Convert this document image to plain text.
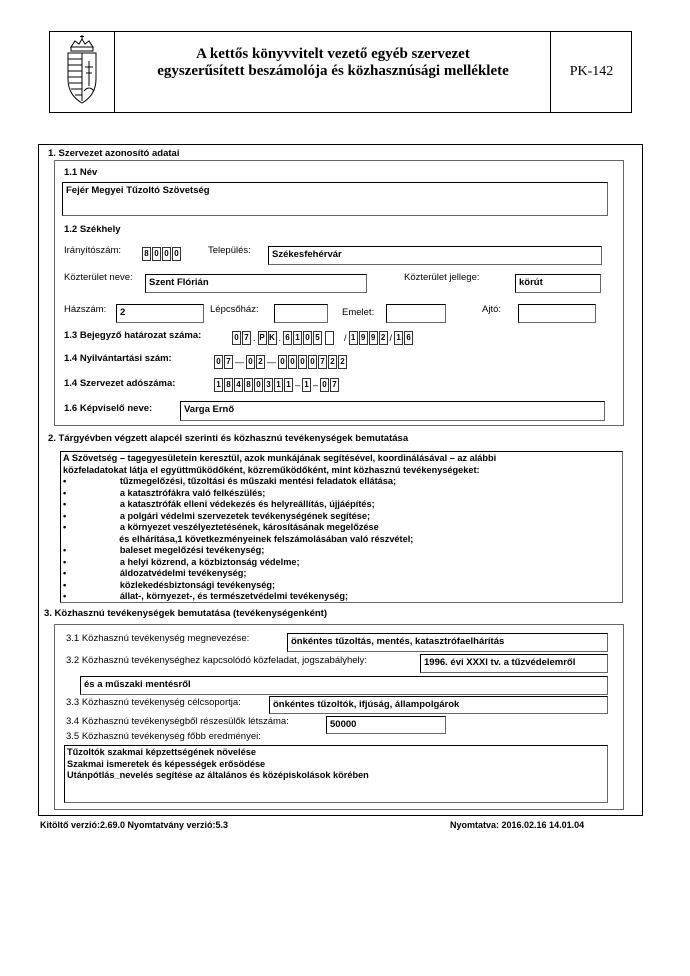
A kettős könyvvitelt vezető egyéb szervezet
egyszerűsített beszámolója és közhasznúsági melléklete	PK-142
1. Szervezet azonosító adatai
1.1 Név
Fejér Megyei Tűzoltó Szövetség
1.2 Székhely
Irányítószám:	8 0 0 0	Település:	Székesfehérvár
Közterület neve:	Szent Flórián	Közterület jellege:	körút
Házszám:	2	Lépcsőház:	Emelet:	Ajtó:
1.3 Bejegyző határozat száma:	0 7 . P K . 6 1 0 5	/ 1 9 9 2 / 1 6
1.4 Nyilvántartási szám:	0 7 — 0 2 — 0 0 0 0 7 2 2
1.4 Szervezet adószáma:	1 8 4 8 0 3 1 1 – 1 – 0 7
1.6 Képviselő neve:	Varga Ernő
2. Tárgyévben végzett alapcél szerinti és közhasznú tevékenységek bemutatása
A Szövetség – tagegyesületein keresztül, azok munkájának segítésével, koordinálásával – az alábbi
közfeladatokat látja el együttműködőként, közreműködőként, mint közhasznú tevékenységeket:
•                     tűzmegelőzési, tűzoltási és műszaki mentési feladatok ellátása;
•                     a katasztrófákra való felkészülés;
•                     a katasztrófák elleni védekezés és helyreállítás, újjáépítés;
•                     a polgári védelmi szervezetek tevékenységének segítése;
•                     a környezet veszélyeztetésének, károsításának megelőzése
és elhárítása,1 következményeinek felszámolásában való részvétel;
•                     baleset megelőzési tevékenység;
•                     a helyi közrend, a közbiztonság védelme;
•                     áldozatvédelmi tevékenység;
•                     közlekedésbiztonsági tevékenység;
•                     állat-, környezet-, és természetvédelmi tevékenység;
3. Közhasznú tevékenységek bemutatása (tevékenységenként)
3.1 Közhasznú tevékenység megnevezése:	önkéntes tűzoltás, mentés, katasztrófaelhárítás
3.2 Közhasznú tevékenységhez kapcsolódó közfeladat, jogszabályhely:	1996. évi XXXI tv. a tűzvédelemről
és a műszaki mentésről
3.3 Közhasznú tevékenység célcsoportja:	önkéntes tűzoltók, ifjúság, állampolgárok
3.4 Közhasznú tevékenységből részesülők létszáma:	50000
3.5 Közhasznú tevékenység főbb eredményei:
Tűzoltók szakmai képzettségének növelése
Szakmai ismeretek és képességek erősödése
Utánpótlás_nevelés segítése az általános és középiskolások körében
Kitöltő verzió:2.69.0 Nyomtatvány verzió:5.3	Nyomtatva: 2016.02.16 14.01.04
